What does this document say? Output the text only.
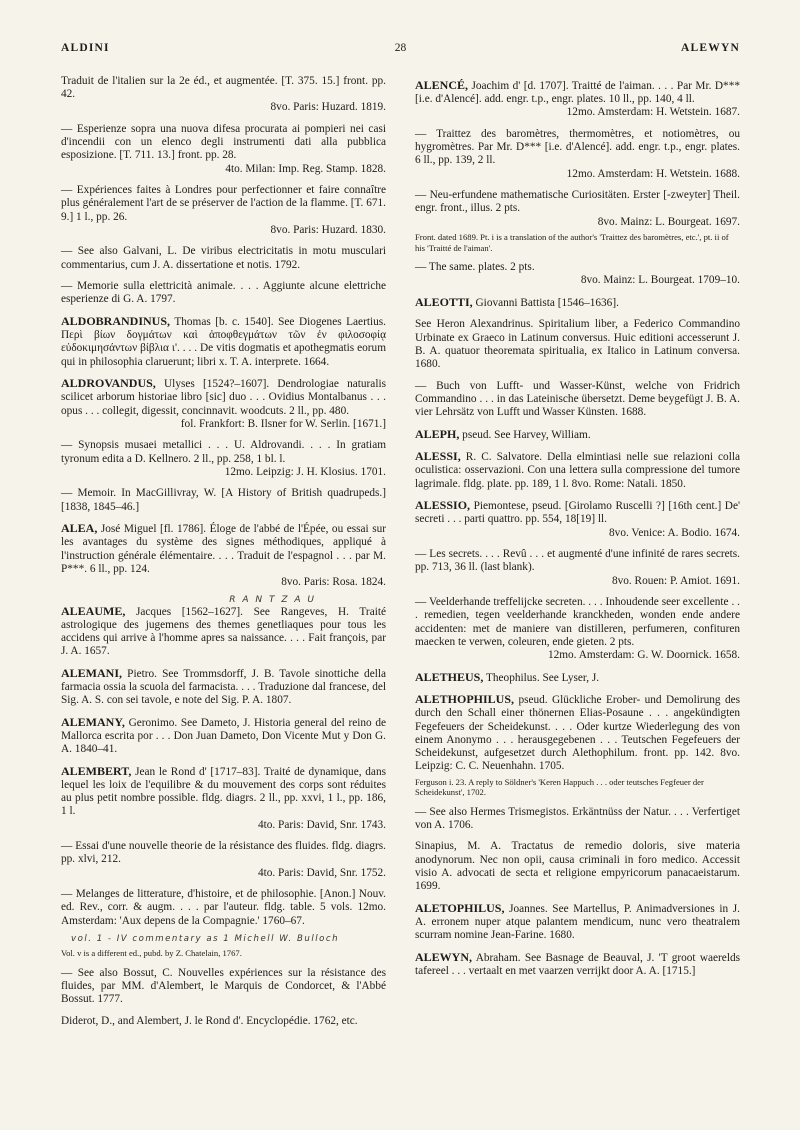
ALDINI	28	ALEWYN
Traduit de l'italien sur la 2e éd., et augmentée. [T. 375. 15.] front. pp. 42.
8vo. Paris: Huzard. 1819.
— Esperienze sopra una nuova difesa procurata ai pompieri nei casi d'incendii con un elenco degli instrumenti dati alla pubblica esposizione. [T. 711. 13.] front. pp. 28.
4to. Milan: Imp. Reg. Stamp. 1828.
— Expériences faites à Londres pour perfectionner et faire connaître plus généralement l'art de se préserver de l'action de la flamme. [T. 671. 9.] 1 l., pp. 26.
8vo. Paris: Huzard. 1830.
— See also Galvani, L. De viribus electricitatis in motu musculari commentarius, cum J. A. dissertatione et notis. 1792.
— Memorie sulla elettricità animale. . . . Aggiunte alcune elettriche esperienze di G. A. 1797.
ALDOBRANDINUS, Thomas [b. c. 1540]. See Diogenes Laertius. Περὶ βίων δογμάτων καὶ ἀποφθεγμάτων τῶν ἐν φιλοσοφίᾳ εὐδοκιμησάντων βίβλια ι'. . . . De vitis dogmatis et apothegmatis eorum qui in philosophia claruerunt; libri x. T. A. interprete. 1664.
ALDROVANDUS, Ulyses [1524?–1607]. Dendrologiae naturalis scilicet arborum historiae libro [sic] duo . . . Ovidius Montalbanus . . . opus . . . collegit, digessit, concinnavit. woodcuts. 2 ll., pp. 480.
fol. Frankfort: B. Ilsner for W. Serlin. [1671.]
— Synopsis musaei metallici . . . U. Aldrovandi. . . . In gratiam tyronum edita a D. Kellnero. 2 ll., pp. 258, 1 bl. l.
12mo. Leipzig: J. H. Klosius. 1701.
— Memoir. In MacGillivray, W. [A History of British quadrupeds.] [1838, 1845–46.]
ALEA, José Miguel [fl. 1786]. Éloge de l'abbé de l'Épée, ou essai sur les avantages du système des signes méthodiques, appliqué à l'instruction générale élémentaire. . . . Traduit de l'espagnol . . . par M. P***. 6 ll., pp. 124.
8vo. Paris: Rosa. 1824.
R A N T Z A U
ALEAUME, Jacques [1562–1627]. See Rangeves, H. Traité astrologique des jugemens des themes genetliaques pour tous les accidens qui arrive à l'homme apres sa naissance. . . . Fait françois, par J. A. 1657.
ALEMANI, Pietro. See Trommsdorff, J. B. Tavole sinottiche della farmacia ossia la scuola del farmacista. . . . Traduzione dal francese, del Sig. A. S. con sei tavole, e note del Sig. P. A. 1807.
ALEMANY, Geronimo. See Dameto, J. Historia general del reino de Mallorca escrita por . . . Don Juan Dameto, Don Vicente Mut y Don G. A. 1840–41.
ALEMBERT, Jean le Rond d' [1717–83]. Traité de dynamique, dans lequel les loix de l'equilibre & du mouvement des corps sont réduites au plus petit nombre possible. fldg. diagrs. 2 ll., pp. xxvi, 1 l., pp. 186, 1 l.
4to. Paris: David, Snr. 1743.
— Essai d'une nouvelle theorie de la résistance des fluides. fldg. diagrs. pp. xlvi, 212.
4to. Paris: David, Snr. 1752.
— Melanges de litterature, d'histoire, et de philosophie. [Anon.] Nouv. ed. Rev., corr. & augm. . . . par l'auteur. fldg. table. 5 vols. 12mo. Amsterdam: 'Aux depens de la Compagnie.' 1760–67.
vol. 1 - IV commentary as 1 Michell W. Bulloch
Vol. v is a different ed., pubd. by Z. Chatelain, 1767.
— See also Bossut, C. Nouvelles expériences sur la résistance des fluides, par MM. d'Alembert, le Marquis de Condorcet, & l'Abbé Bossut. 1777.
Diderot, D., and Alembert, J. le Rond d'. Encyclopédie. 1762, etc.
ALENCÉ, Joachim d' [d. 1707]. Traitté de l'aiman. . . . Par Mr. D*** [i.e. d'Alencé]. add. engr. t.p., engr. plates. 10 ll., pp. 140, 4 ll.
12mo. Amsterdam: H. Wetstein. 1687.
— Traittez des baromètres, thermomètres, et notiomètres, ou hygromètres. Par Mr. D*** [i.e. d'Alencé]. add. engr. t.p., engr. plates. 6 ll., pp. 139, 2 ll.
12mo. Amsterdam: H. Wetstein. 1688.
— Neu-erfundene mathematische Curiositäten. Erster [-zweyter] Theil. engr. front., illus. 2 pts.
8vo. Mainz: L. Bourgeat. 1697.
Front. dated 1689. Pt. i is a translation of the author's 'Traittez des baromètres, etc.', pt. ii of his 'Traitté de l'aiman'.
— The same. plates. 2 pts.
8vo. Mainz: L. Bourgeat. 1709–10.
ALEOTTI, Giovanni Battista [1546–1636].
See Heron Alexandrinus. Spiritalium liber, a Federico Commandino Urbinate ex Graeco in Latinum conversus. Huic editioni accesserunt J. B. A. quatuor theoremata spiritualia, ex Italico in Latinum conversa. 1680.
— Buch von Lufft- und Wasser-Künst, welche von Fridrich Commandino . . . in das Lateinische übersetzt. Deme beygefügt J. B. A. vier Lehrsätz von Lufft und Wasser Künsten. 1688.
ALEPH, pseud. See Harvey, William.
ALESSI, R. C. Salvatore. Della elmintiasi nelle sue relazioni colla oculistica: osservazioni. Con una lettera sulla compressione del tumore lagrimale. fldg. plate. pp. 189, 1 l. 8vo. Rome: Natali. 1850.
ALESSIO, Piemontese, pseud. [Girolamo Ruscelli ?] [16th cent.] De' secreti . . . parti quattro. pp. 554, 18[19] ll.
8vo. Venice: A. Bodio. 1674.
— Les secrets. . . . Revû . . . et augmenté d'une infinité de rares secrets. pp. 713, 36 ll. (last blank).
8vo. Rouen: P. Amiot. 1691.
— Veelderhande treffelijcke secreten. . . . Inhoudende seer excellente . . . remedien, tegen veelderhande kranckheden, wonden ende andere accidenten: met de maniere van distilleren, perfumeren, confituren maecken te verwen, coleuren, ende gieten. 2 pts.
12mo. Amsterdam: G. W. Doornick. 1658.
ALETHEUS, Theophilus. See Lyser, J.
ALETHOPHILUS, pseud. Glückliche Erober- und Demolirung des durch den Schall einer thönernen Elias-Posaune . . . angekündigten Fegefeuers der Scheidekunst. . . . Oder kurtze Wiederlegung des von einem Anonymo . . . herausgegebenen . . . Teutschen Fegefeuers der Scheidekunst, aufgesetzet durch Alethophilum. front. pp. 142. 8vo. Leipzig: C. C. Neuenhahn. 1705.
Ferguson i. 23. A reply to Söldner's 'Keren Happuch . . . oder teutsches Fegfeuer der Scheidekunst', 1702.
— See also Hermes Trismegistos. Erkäntnüss der Natur. . . . Verfertiget von A. 1706.
Sinapius, M. A. Tractatus de remedio doloris, sive materia anodynorum. Nec non opii, causa criminali in foro medico. Accessit visio A. advocati de secta et religione empyricorum panacaeistarum. 1699.
ALETOPHILUS, Joannes. See Martellus, P. Animadversiones in J. A. erronem nuper atque palantem mendicum, nunc vero theatralem scurram nomine Jean-Farine. 1680.
ALEWYN, Abraham. See Basnage de Beauval, J. 'T groot waerelds tafereel . . . vertaalt en met vaarzen verrijkt door A. A. [1715.]
